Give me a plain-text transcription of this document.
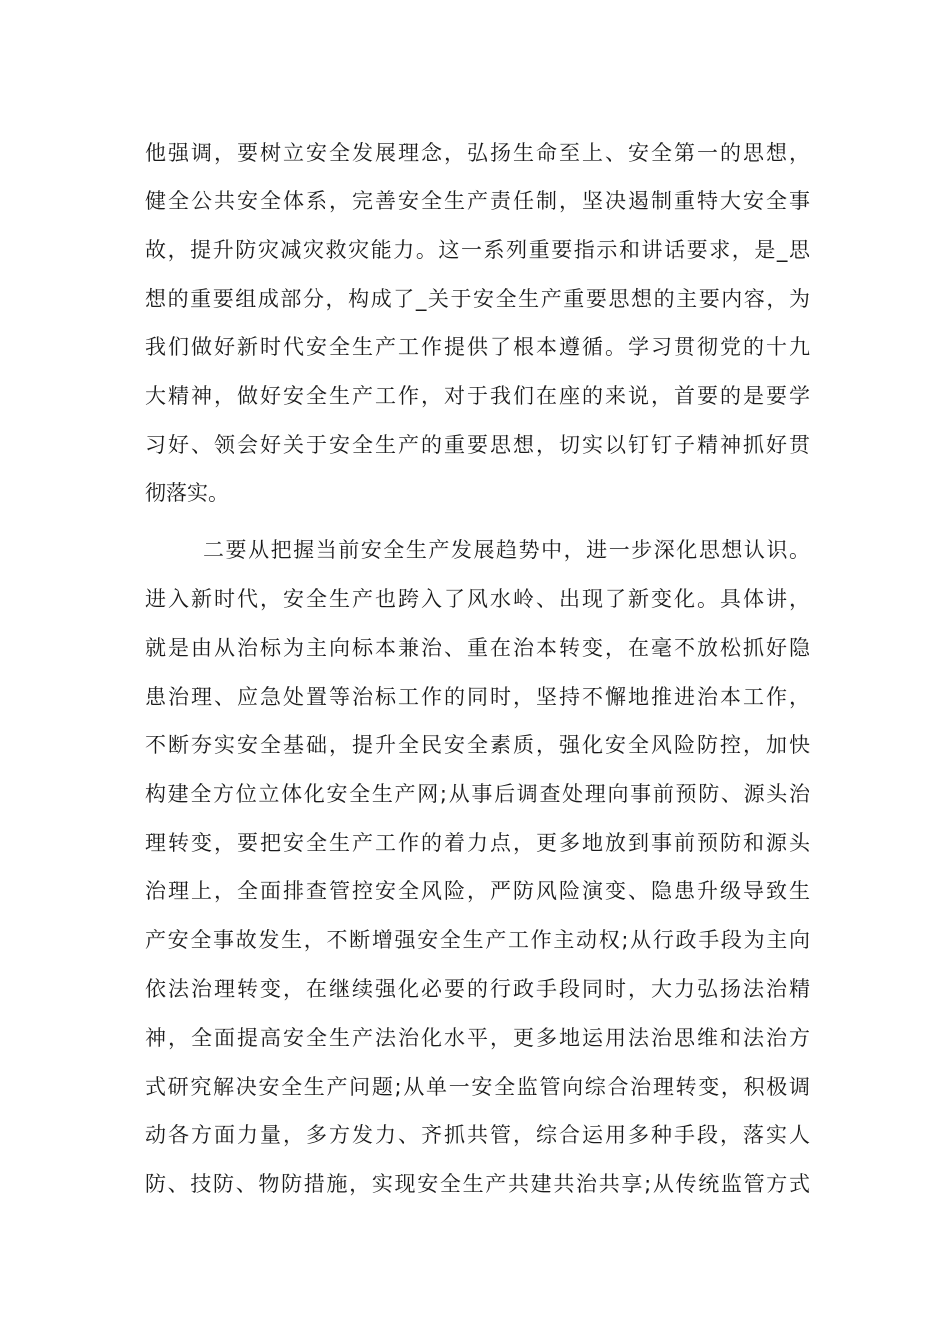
他强调，要树立安全发展理念，弘扬生命至上、安全第一的思想，
健全公共安全体系，完善安全生产责任制，坚决遏制重特大安全事
故，提升防灾减灾救灾能力。这一系列重要指示和讲话要求，是_思
想的重要组成部分，构成了_关于安全生产重要思想的主要内容，为
我们做好新时代安全生产工作提供了根本遵循。学习贯彻党的十九
大精神，做好安全生产工作，对于我们在座的来说，首要的是要学
习好、领会好关于安全生产的重要思想，切实以钉钉子精神抓好贯
彻落实。
二要从把握当前安全生产发展趋势中，进一步深化思想认识。
进入新时代，安全生产也跨入了风水岭、出现了新变化。具体讲，
就是由从治标为主向标本兼治、重在治本转变，在毫不放松抓好隐
患治理、应急处置等治标工作的同时，坚持不懈地推进治本工作，
不断夯实安全基础，提升全民安全素质，强化安全风险防控，加快
构建全方位立体化安全生产网;从事后调查处理向事前预防、源头治
理转变，要把安全生产工作的着力点，更多地放到事前预防和源头
治理上，全面排查管控安全风险，严防风险演变、隐患升级导致生
产安全事故发生，不断增强安全生产工作主动权;从行政手段为主向
依法治理转变，在继续强化必要的行政手段同时，大力弘扬法治精
神，全面提高安全生产法治化水平，更多地运用法治思维和法治方
式研究解决安全生产问题;从单一安全监管向综合治理转变，积极调
动各方面力量，多方发力、齐抓共管，综合运用多种手段，落实人
防、技防、物防措施，实现安全生产共建共治共享;从传统监管方式
